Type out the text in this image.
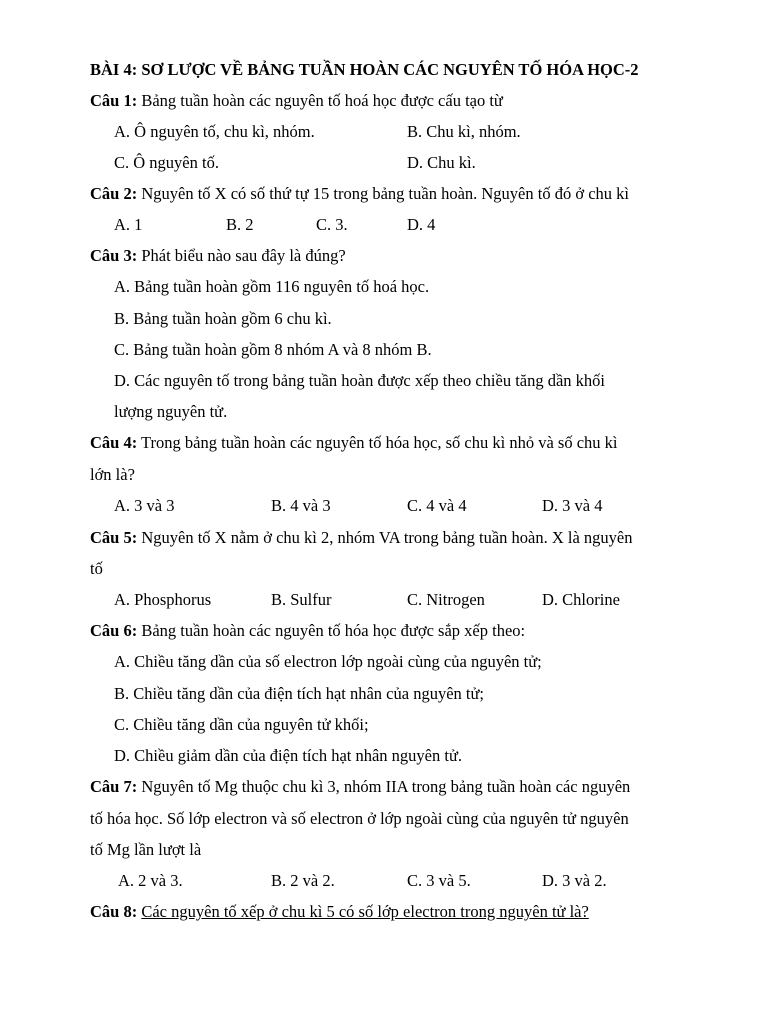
BÀI 4: SƠ LƯỢC VỀ BẢNG TUẦN HOÀN CÁC NGUYÊN TỐ HÓA HỌC-2
Câu 1: Bảng tuần hoàn các nguyên tố hoá học được cấu tạo từ
A. Ô nguyên tố, chu kì, nhóm.	B. Chu kì, nhóm.
C. Ô nguyên tố.	D. Chu kì.
Câu 2: Nguyên tố X có số thứ tự 15 trong bảng tuần hoàn. Nguyên tố đó ở chu kì
A. 1	B. 2	C. 3.	D. 4
Câu 3: Phát biểu nào sau đây là đúng?
A. Bảng tuần hoàn gồm 116 nguyên tố hoá học.
B. Bảng tuần hoàn gồm 6 chu kì.
C. Bảng tuần hoàn gồm 8 nhóm A và 8 nhóm B.
D. Các nguyên tố trong bảng tuần hoàn được xếp theo chiều tăng dần khối
lượng nguyên tử.
Câu 4: Trong bảng tuần hoàn các nguyên tố hóa học, số chu kì nhỏ và số chu kì
lớn là?
A. 3 và 3	B. 4 và 3	C. 4 và 4	D. 3 và 4
Câu 5: Nguyên tố X nằm ở chu kì 2, nhóm VA trong bảng tuần hoàn. X là nguyên
tố
A. Phosphorus	B. Sulfur	C. Nitrogen	D. Chlorine
Câu 6: Bảng tuần hoàn các nguyên tố hóa học được sắp xếp theo:
A. Chiều tăng dần của số electron lớp ngoài cùng của nguyên tử;
B. Chiều tăng dần của điện tích hạt nhân của nguyên tử;
C. Chiều tăng dần của nguyên tử khối;
D. Chiều giảm dần của điện tích hạt nhân nguyên tử.
Câu 7: Nguyên tố Mg thuộc chu kì 3, nhóm IIA trong bảng tuần hoàn các nguyên
tố hóa học. Số lớp electron và số electron ở lớp ngoài cùng của nguyên tử nguyên
tố Mg lần lượt là
A. 2 và 3.	B. 2 và 2.	C. 3 và 5.	D. 3 và 2.
Câu 8: Các nguyên tố xếp ở chu kì 5 có số lớp electron trong nguyên tử là?
